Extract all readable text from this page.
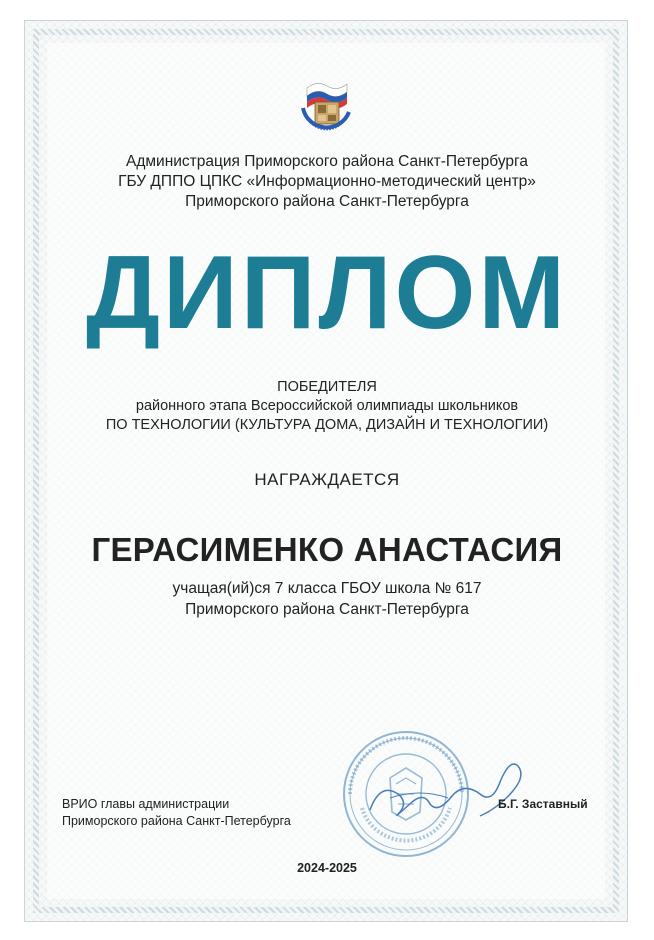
Администрация Приморского района Санкт-Петербурга
ГБУ ДППО ЦПКС «Информационно-методический центр»
Приморского района Санкт-Петербурга
ДИПЛОМ
ПОБЕДИТЕЛЯ
районного этапа Всероссийской олимпиады школьников
ПО ТЕХНОЛОГИИ (КУЛЬТУРА ДОМА, ДИЗАЙН И ТЕХНОЛОГИИ)
НАГРАЖДАЕТСЯ
ГЕРАСИМЕНКО АНАСТАСИЯ
учащая(ий)ся 7 класса ГБОУ школа № 617
Приморского района Санкт-Петербурга
ВРИО главы администрации
Приморского района Санкт-Петербурга
Б.Г. Заставный
2024-2025
